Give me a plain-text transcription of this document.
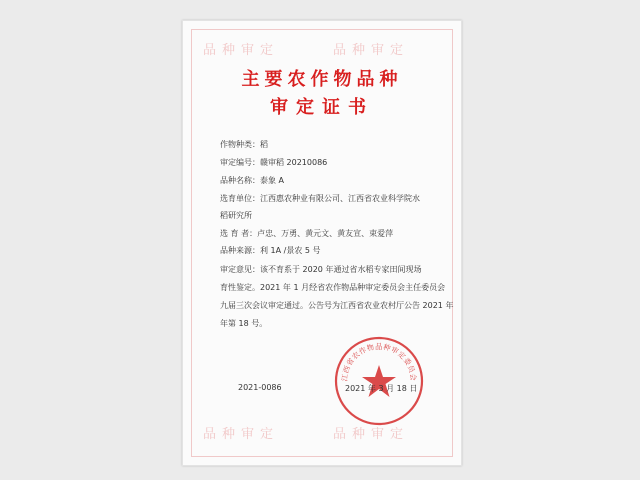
品种审定	品种审定
品种审定	品种审定
主要农作物品种
审定证书
作物种类：稻
审定编号：赣审稻 20210086
品种名称：泰象 A
选育单位：江西惠农种业有限公司、江西省农业科学院水
稻研究所
选 育 者：卢忠、万勇、黄元文、黄友宣、束爱萍
品种来源：利 1A /景农 5 号
审定意见：该不育系于 2020 年通过省水稻专家田间现场
育性鉴定。2021 年 1 月经省农作物品种审定委员会主任委员会
九届三次会议审定通过。公告号为江西省农业农村厅公告 2021 年
年第 18 号。
江西省农作物品种审定委员会
2021-0086	2021 年 3 月 18 日
